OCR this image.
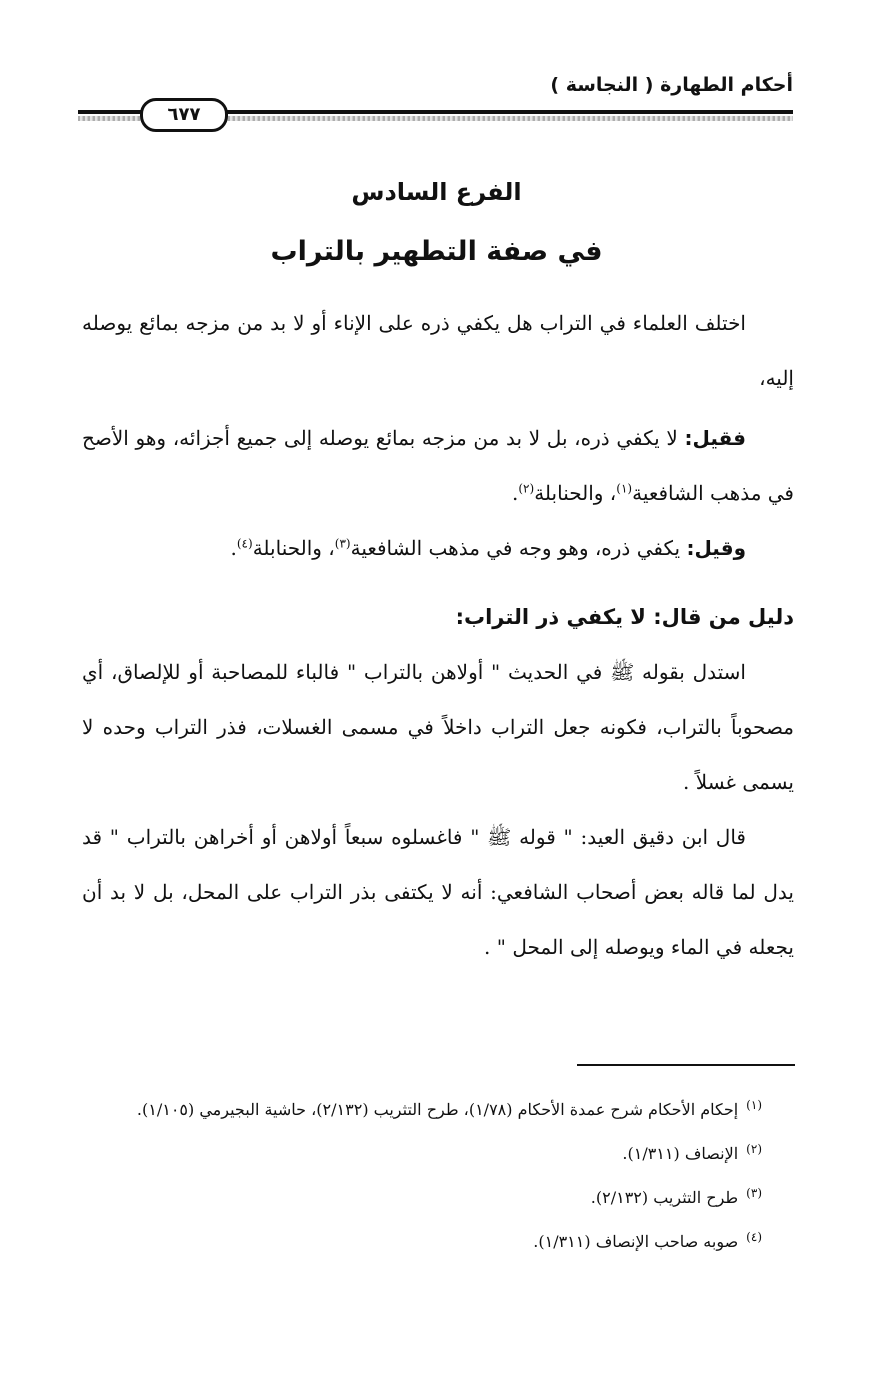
أحكام الطهارة ( النجاسة )

٦٧٧
الفرع السادس
في صفة التطهير بالتراب

اختلف العلماء في التراب هل يكفي ذره على الإناء أو لا بد من مزجه بمائع يوصله إليه،

فقيل: لا يكفي ذره، بل لا بد من مزجه بمائع يوصله إلى جميع أجزائه، وهو الأصح في مذهب الشافعية$^{(١)}$، والحنابلة$^{(٢)}$.

وقيل: يكفي ذره، وهو وجه في مذهب الشافعية$^{(٣)}$، والحنابلة$^{(٤)}$.

دليل من قال: لا يكفي ذر التراب:

استدل بقوله ﷺ في الحديث " أولاهن بالتراب " فالباء للمصاحبة أو للإلصاق، أي مصحوباً بالتراب، فكونه جعل التراب داخلاً في مسمى الغسلات، فذر التراب وحده لا يسمى غسلاً .

قال ابن دقيق العيد: " قوله ﷺ " فاغسلوه سبعاً أولاهن أو أخراهن بالتراب " قد يدل لما قاله بعض أصحاب الشافعي: أنه لا يكتفى بذر التراب على المحل، بل لا بد أن يجعله في الماء ويوصله إلى المحل " .

$^{(١)}$إحكام الأحكام شرح عمدة الأحكام (١/٧٨)، طرح التثريب (٢/١٣٢)، حاشية البجيرمي (١/١٠٥).

$^{(٢)}$الإنصاف (١/٣١١).

$^{(٣)}$طرح التثريب (٢/١٣٢).

$^{(٤)}$صوبه صاحب الإنصاف (١/٣١١).
